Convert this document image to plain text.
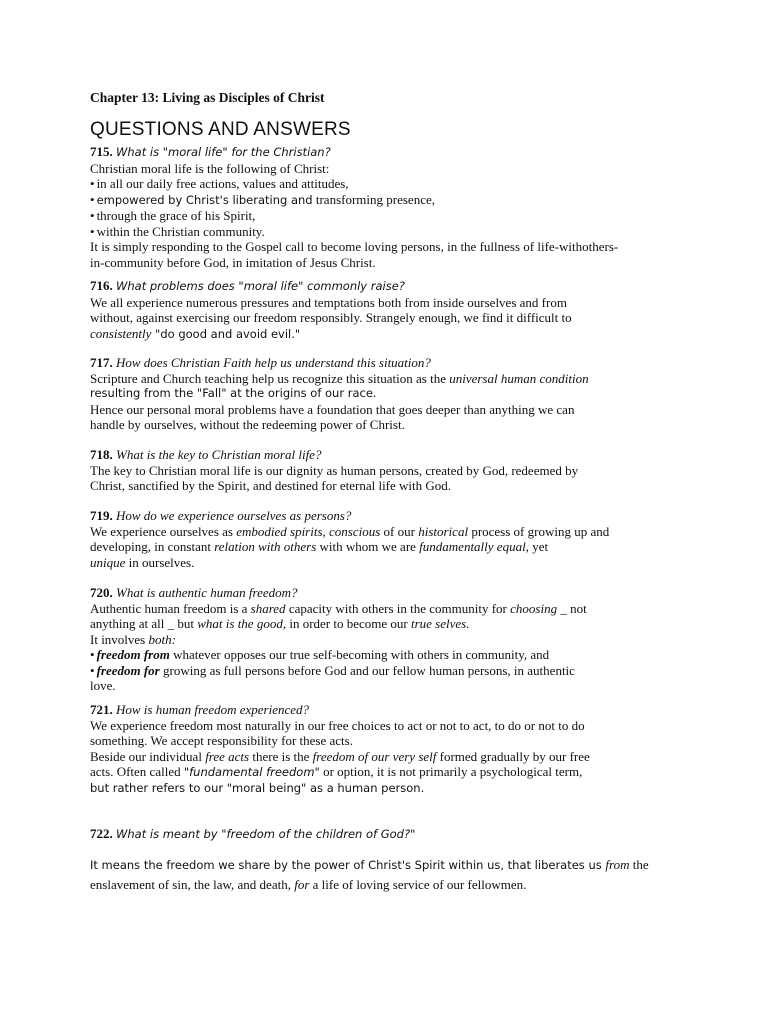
Chapter 13: Living as Disciples of Christ
QUESTIONS AND ANSWERS

715. What is "moral life" for the Christian?

Christian moral life is the following of Christ:

• in all our daily free actions, values and attitudes,
• empowered by Christ's liberating and transforming presence,
• through the grace of his Spirit,
• within the Christian community.

It is simply responding to the Gospel call to become loving persons, in the fullness of life-withothers-in-community before God, in imitation of Jesus Christ.

716. What problems does "moral life" commonly raise?

We all experience numerous pressures and temptations both from inside ourselves and from without, against exercising our freedom responsibly. Strangely enough, we find it difficult to consistently "do good and avoid evil."

717. How does Christian Faith help us understand this situation?

Scripture and Church teaching help us recognize this situation as the universal human condition

resulting from the "Fall" at the origins of our race.

Hence our personal moral problems have a foundation that goes deeper than anything we can handle by ourselves, without the redeeming power of Christ.

718. What is the key to Christian moral life?

The key to Christian moral life is our dignity as human persons, created by God, redeemed by Christ, sanctified by the Spirit, and destined for eternal life with God.

719. How do we experience ourselves as persons?

We experience ourselves as embodied spirits, conscious of our historical process of growing up and developing, in constant relation with others with whom we are fundamentally equal, yet
unique in ourselves.

720. What is authentic human freedom?

Authentic human freedom is a shared capacity with others in the community for choosing _ not anything at all _ but what is the good, in order to become our true selves.

It involves both:

• freedom from whatever opposes our true self-becoming with others in community, and

• freedom for growing as full persons before God and our fellow human persons, in authentic love.

721. How is human freedom experienced?

We experience freedom most naturally in our free choices to act or not to act, to do or not to do something. We accept responsibility for these acts.

Beside our individual free acts there is the freedom of our very self formed gradually by our free acts. Often called "fundamental freedom" or option, it is not primarily a psychological term,

but rather refers to our "moral being" as a human person.

722. What is meant by "freedom of the children of God?"

It means the freedom we share by the power of Christ's Spirit within us, that liberates us from the enslavement of sin, the law, and death, for a life of loving service of our fellowmen.
